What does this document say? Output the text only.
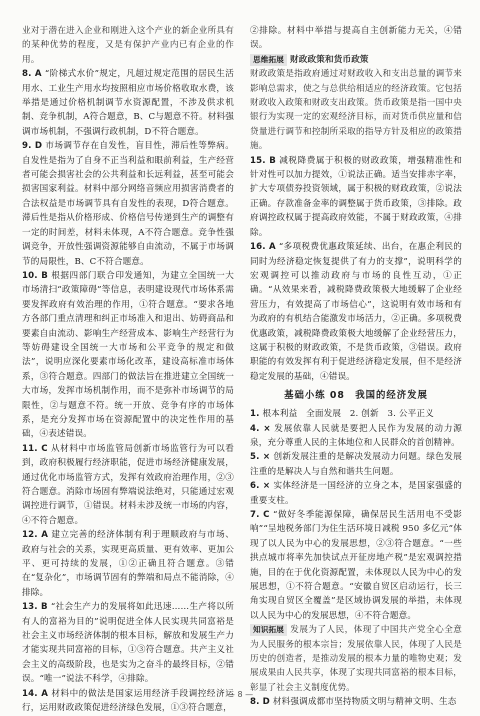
业对于潜在进入企业和刚进入这个产业的新企业所具有的某种优势的程度，又是有保护产业内已有企业的作用。

8. A “阶梯式水价”规定，凡超过规定范围的居民生活用水、工业生产用水均按照相应市场价格收取水费，该举措是通过价格机制调节水资源配置，不涉及供求机制、竞争机制，A符合题意，B、C与题意不符。材料强调市场机制，不强调行政机制，D不符合题意。

9. D 市场调节存在自发性，盲目性，滞后性等弊病。自发性是指为了自身不正当利益和眼前利益，生产经营者可能会损害社会的公共利益和长远利益，甚至可能会损害国家利益。材料中部分网络音频应用损害消费者的合法权益是市场调节具有自发性的表现，D符合题意。滞后性是指从价格形成、价格信号传递到生产的调整有一定的时间差，材料未体现，A不符合题意。竞争性强调竞争，开放性强调资源能够自由流动，不属于市场调节的局限性，B、C不符合题意。

10. B 根据四部门联合印发通知，为建立全国统一大市场清扫“政策障碍”等信息，表明建设现代市场体系需要发挥政府有效治理的作用，①符合题意。“要求各地方各部门重点清理和纠正市场准入和退出、妨碍商品和要素自由流动、影响生产经营成本、影响生产经营行为等妨碍建设全国统一大市场和公平竞争的规定和做法”，说明应深化要素市场化改革，建设高标准市场体系，③符合题意。四部门的做法旨在推进建立全国统一大市场，发挥市场机制作用，而不是弥补市场调节的局限性，②与题意不符。统一开放、竞争有序的市场体系，是充分发挥市场在资源配置中的决定性作用的基础，④表述错误。

11. C 从材料中市场监管局创新市场监管行为可以看到，政府积极履行经济职能，促进市场经济健康发展，通过优化市场监管方式，发挥有效政府治理作用，②③符合题意。消除市场固有弊端说法绝对，只能通过宏观调控进行调节，①错误。材料未涉及统一市场的内容，④不符合题意。

12. A 建立完善的经济体制有利于理顺政府与市场、政府与社会的关系，实现更高质量、更有效率、更加公平、更可持续的发展，①②正确且符合题意。③错在“复杂化”，市场调节固有的弊端和局点不能消除，④排除。

13. B “社会生产力的发展将如此迅速……生产将以所有人的富裕为目的”说明促进全体人民实现共同富裕是社会主义市场经济体制的根本目标，解放和发展生产力才能实现共同富裕的目标，①③符合题意。共产主义社会主义的高级阶段，也是实为之奋斗的最终目标，②错误。“唯一”说法不科学，④排除。

14. A 材料中的做法是国家运用经济手段调控经济运行，运用财政政策促进经济绿色发展，①③符合题意，

②排除。材料中举措与提高自主创新能力无关，④错误。

思维拓展 财政政策和货币政策

财政政策是指政府通过对财政收入和支出总量的调节来影响总需求，使之与总供给相适应的经济政策。它包括财政收入政策和财政支出政策。货币政策是指一国中央银行为实现一定的宏观经济目标，而对货币供应量和信贷量进行调节和控制所采取的指导方针及相应的政策措施。

15. B 减税降费属于积极的财政政策，增强精准性和针对性可以加力提效，①说法正确。适当安排赤字率，扩大专项债券投资领域，属于积极的财政政策，②说法正确。存款准备金率的调整属于货币政策，③排除。政府调控政权属于提高政府效能，不属于财政政策，④排除。

16. A “多项税费优惠政策延续、出台，在惠企利民的同时为经济稳定恢复提供了有力的支撑”，说明科学的宏观调控可以推动政府与市场的良性互动，①正确。“从效果来看，减税降费政策极大地缓解了企业经营压力，有效提高了市场信心”，这说明有效市场和有为政府的有机结合能激发市场活力，②正确。多项税费优惠政策，减税降费政策极大地缓解了企业经营压力，这属于积极的财政政策，不是货币政策，③错误。政府职能的有效发挥有利于促进经济稳定发展，但不是经济稳定发展的基础，④错误。

基础小练 08　我国的经济发展

1. 根本利益　全面发展　2. 创新　3. 公平正义

4. × 发展依靠人民就是要把人民作为发展的动力源泉，充分尊重人民的主体地位和人民群众的首创精神。

5. × 创新发展注重的是解决发展动力问题。绿色发展注重的是解决人与自然和谐共生问题。

6. × 实体经济是一国经济的立身之本，是国家强盛的重要支柱。

7. C “做好冬季能源保障，确保居民生活用电不受影响”“呈地税务部门为住生活环境日减税 950 多亿元”体现了以人民为中心的发展思想，②③符合题意。“一些拱点城市将率先加快试点开征房地产税”是宏观调控措施，目的在于优化资源配置，未体现以人民为中心的发展思想，①不符合题意。“安徽自贸区启动运行，长三角实现自贸区全覆盖”是区域协调发展的举措，未体现以人民为中心的发展思想，④不符合题意。

知识拓展 发展为了人民，体现了中国共产党全心全意为人民服务的根本宗旨；发展依靠人民，体现了人民是历史的创造者，是推动发展的根本力量的唯物史观；发展成果由人民共享，体现了实现共同富裕的根本目标，彰显了社会主义制度优势。

8. D 材料强调成都市坚持物质文明与精神文明、生态

— 8 —
